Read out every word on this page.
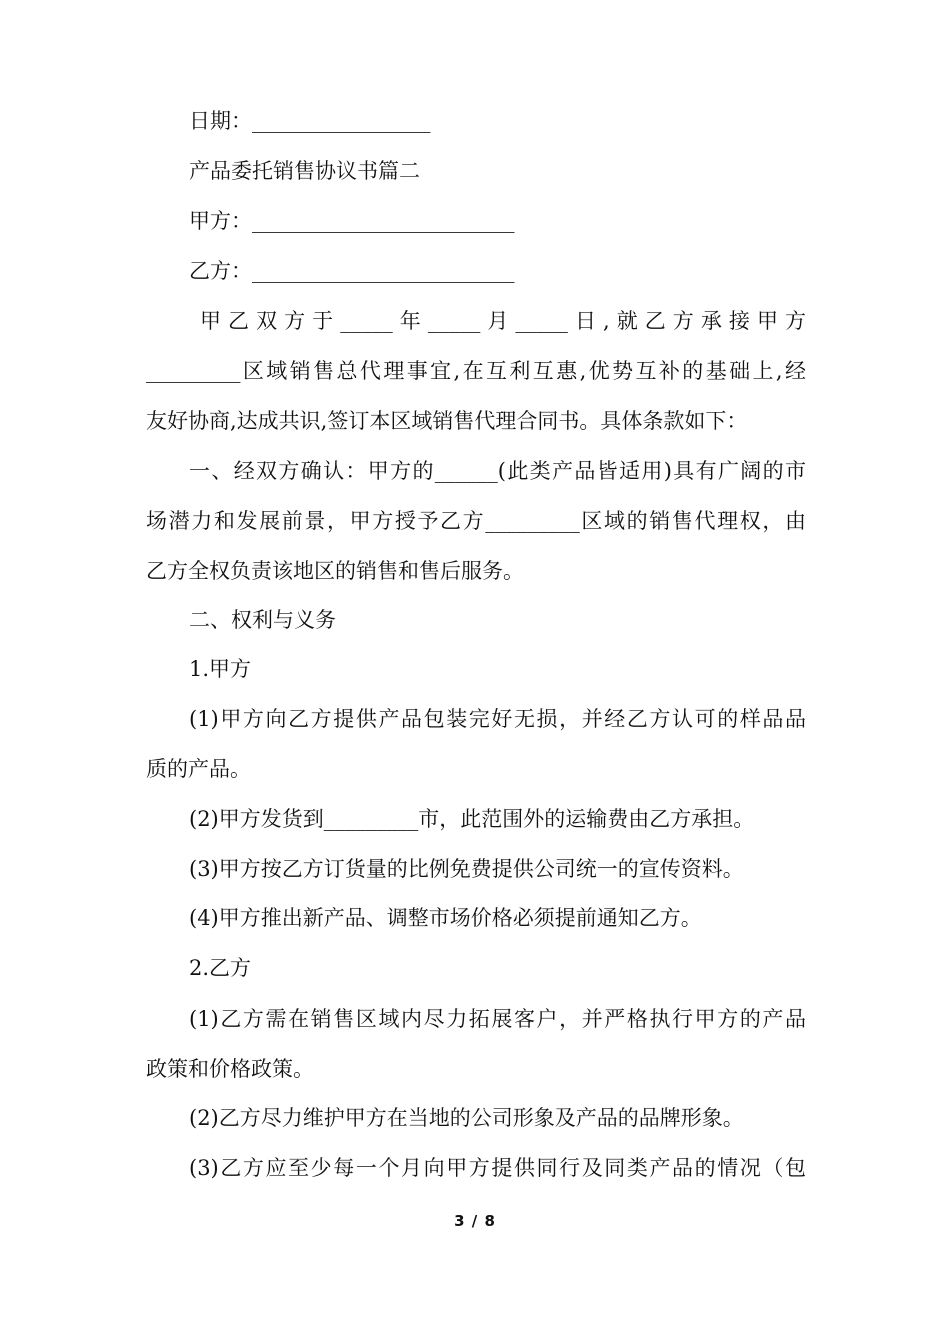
日期：_________________
产品委托销售协议书篇二
甲方：_________________________
乙方：_________________________
甲乙双方于_____年_____月_____日,就乙方承接甲方
_________区域销售总代理事宜,在互利互惠,优势互补的基础上,经
友好协商,达成共识,签订本区域销售代理合同书。具体条款如下：
一、经双方确认：甲方的______(此类产品皆适用)具有广阔的市
场潜力和发展前景，甲方授予乙方_________区域的销售代理权，由
乙方全权负责该地区的销售和售后服务。
二、权利与义务
1.甲方
(1)甲方向乙方提供产品包装完好无损，并经乙方认可的样品品
质的产品。
(2)甲方发货到_________市，此范围外的运输费由乙方承担。
(3)甲方按乙方订货量的比例免费提供公司统一的宣传资料。
(4)甲方推出新产品、调整市场价格必须提前通知乙方。
2.乙方
(1)乙方需在销售区域内尽力拓展客户，并严格执行甲方的产品
政策和价格政策。
(2)乙方尽力维护甲方在当地的公司形象及产品的品牌形象。
(3)乙方应至少每一个月向甲方提供同行及同类产品的情况（包
3 / 8
